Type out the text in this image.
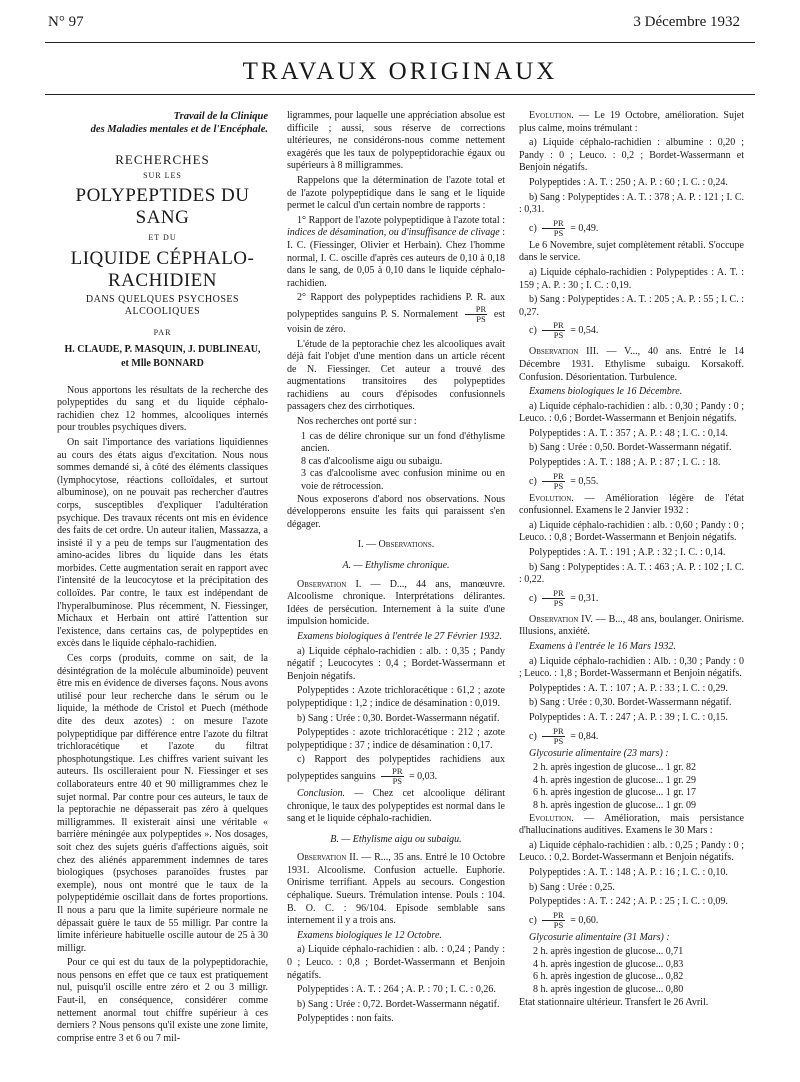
N° 97	3 Décembre 1932
TRAVAUX ORIGINAUX
Travail de la Clinique
des Maladies mentales et de l'Encéphale.
RECHERCHES
SUR LES
POLYPEPTIDES DU SANG
ET DU
LIQUIDE CÉPHALO-RACHIDIEN
DANS QUELQUES PSYCHOSES ALCOOLIQUES
PAR
H. CLAUDE, P. MASQUIN, J. DUBLINEAU,
et Mlle BONNARD

Nous apportons les résultats de la recherche des polypeptides du sang et du liquide céphalo-rachidien chez 12 hommes, alcooliques internés pour troubles psychiques divers.

On sait l'importance des variations liquidiennes au cours des états aigus d'excitation. Nous nous sommes demandé si, à côté des éléments classiques (lymphocytose, réactions colloïdales, et surtout albuminose), on ne pouvait pas rechercher d'autres corps, susceptibles d'expliquer l'adultération psychique. Des travaux récents ont mis en évidence des faits de cet ordre. Un auteur italien, Massazza, a insisté il y a peu de temps sur l'augmentation des amino-acides libres du liquide dans les états morbides. Cette augmentation serait en rapport avec l'intensité de la leucocytose et la précipitation des colloïdes. Par contre, le taux est indépendant de l'hyperalbuminose. Plus récemment, N. Fiessinger, Michaux et Herbain ont attiré l'attention sur l'existence, dans certains cas, de polypeptides en excès dans le liquide céphalo-rachidien.

Ces corps (produits, comme on sait, de la désintégration de la molécule albuminoïde) peuvent être mis en évidence de diverses façons. Nous avons utilisé pour leur recherche dans le sérum ou le liquide, la méthode de Cristol et Puech (méthode dite des deux azotes) : on mesure l'azote polypeptidique par différence entre l'azote du filtrat trichloracétique et l'azote du filtrat phosphotungstique. Les chiffres varient suivant les auteurs. Ils oscilleraient pour N. Fiessinger et ses collaborateurs entre 40 et 90 milligrammes chez le sujet normal. Par contre pour ces auteurs, le taux de la peptorachie ne dépasserait pas zéro à quelques milligrammes. Il existerait ainsi une véritable « barrière méningée aux polypeptides ». Nos dosages, soit chez des sujets guéris d'affections aiguës, soit chez des aliénés apparemment indemnes de tares biologiques (psychoses paranoïdes frustes par exemple), nous ont montré que le taux de la polypeptidémie oscillait dans de fortes proportions. Il nous a paru que la limite supérieure normale ne dépassait guère le taux de 55 milligr. Par contre la limite inférieure habituelle oscille autour de 25 à 30 milligr.

Pour ce qui est du taux de la polypeptidorachie, nous pensons en effet que ce taux est pratiquement nul, puisqu'il oscille entre zéro et 2 ou 3 milligr. Faut-il, en conséquence, considérer comme nettement anormal tout chiffre supérieur à ces derniers ? Nous pensons qu'il existe une zone limite, comprise entre 3 et 6 ou 7 mil-

ligrammes, pour laquelle une appréciation absolue est difficile ; aussi, sous réserve de corrections ultérieures, ne considérons-nous comme nettement exagérés que les taux de polypeptidorachie égaux ou supérieurs à 8 milligrammes.

Rappelons que la détermination de l'azote total et de l'azote polypeptidique dans le sang et le liquide permet le calcul d'un certain nombre de rapports :

1° Rapport de l'azote polypeptidique à l'azote total : indices de désamination, ou d'insuffisance de clivage : I. C. (Fiessinger, Olivier et Herbain). Chez l'homme normal, I. C. oscille d'après ces auteurs de 0,10 à 0,18 dans le sang, de 0,05 à 0,10 dans le liquide céphalo-rachidien.

2° Rapport des polypeptides rachidiens P. R. aux polypeptides sanguins P. S. Normalement $\frac{PR}{PS}$ est voisin de zéro.

L'étude de la peptorachie chez les alcooliques avait déjà fait l'objet d'une mention dans un article récent de N. Fiessinger. Cet auteur a trouvé des augmentations transitoires des polypeptides rachidiens au cours d'épisodes confusionnels passagers chez des cirrhotiques.

Nos recherches ont porté sur :

1 cas de délire chronique sur un fond d'éthylisme ancien.

8 cas d'alcoolisme aigu ou subaigu.

3 cas d'alcoolisme avec confusion minime ou en voie de rétrocession.

Nous exposerons d'abord nos observations. Nous développerons ensuite les faits qui paraissent s'en dégager.

I. — Observations.
A. — Ethylisme chronique.

Observation I. — D..., 44 ans, manœuvre. Alcoolisme chronique. Interprétations délirantes. Idées de persécution. Internement à la suite d'une impulsion homicide.

Examens biologiques à l'entrée le 27 Février 1932.

a) Liquide céphalo-rachidien : alb. : 0,35 ; Pandy négatif ; Leucocytes : 0,4 ; Bordet-Wassermann et Benjoin négatifs.

Polypeptides : Azote trichloracétique : 61,2 ; azote polypeptidique : 1,2 ; indice de désamination : 0,019.

b) Sang : Urée : 0,30. Bordet-Wassermann négatif.

Polypeptides : azote trichloracétique : 212 ; azote polypeptidique : 37 ; indice de désamination : 0,17.

c) Rapport des polypeptides rachidiens aux polypeptides sanguins $\frac{PR}{PS} = 0,03$.

Conclusion. — Chez cet alcoolique délirant chronique, le taux des polypeptides est normal dans le sang et le liquide céphalo-rachidien.

B. — Ethylisme aigu ou subaigu.

Observation II. — R..., 35 ans. Entré le 10 Octobre 1931. Alcoolisme. Confusion actuelle. Euphorie. Onirisme terrifiant. Appels au secours. Congestion céphalique. Sueurs. Trémulation intense. Pouls : 104. B. O. C. : 96/104. Episode semblable sans internement il y a trois ans.

Examens biologiques le 12 Octobre.

a) Liquide céphalo-rachidien : alb. : 0,24 ; Pandy : 0 ; Leuco. : 0,8 ; Bordet-Wassermann et Benjoin négatifs.

Polypeptides : A. T. : 264 ; A. P. : 70 ; I. C. : 0,26.

b) Sang : Urée : 0,72. Bordet-Wassermann négatif.

Polypeptides : non faits.

Evolution. — Le 19 Octobre, amélioration. Sujet plus calme, moins trémulant :

a) Liquide céphalo-rachidien : albumine : 0,20 ; Pandy : 0 ; Leuco. : 0,2 ; Bordet-Wassermann et Benjoin négatifs.

Polypeptides : A. T. : 250 ; A. P. : 60 ; I. C. : 0,24.

b) Sang : Polypeptides : A. T. : 378 ; A. P. : 121 ; I. C. : 0,31.

$c) \frac{PR}{PS} = 0,49$.

Le 6 Novembre, sujet complètement rétabli. S'occupe dans le service.

a) Liquide céphalo-rachidien : Polypeptides : A. T. : 159 ; A. P. : 30 ; I. C. : 0,19.

b) Sang : Polypeptides : A. T. : 205 ; A. P. : 55 ; I. C. : 0,27.

$c) \frac{PR}{PS} = 0,54$.

Observation III. — V..., 40 ans. Entré le 14 Décembre 1931. Ethylisme subaigu. Korsakoff. Confusion. Désorientation. Turbulence.

Examens biologiques le 16 Décembre.

a) Liquide céphalo-rachidien : alb. : 0,30 ; Pandy : 0 ; Leuco. : 0,6 ; Bordet-Wassermann et Benjoin négatifs.

Polypeptides : A. T. : 357 ; A. P. : 48 ; I. C. : 0,14.

b) Sang : Urée : 0,50. Bordet-Wassermann négatif.

Polypeptides : A. T. : 188 ; A. P. : 87 ; I. C. : 18.

$c) \frac{PR}{PS} = 0,55$.

Evolution. — Amélioration légère de l'état confusionnel. Examens le 2 Janvier 1932 :

a) Liquide céphalo-rachidien : alb. : 0,60 ; Pandy : 0 ; Leuco. : 0,8 ; Bordet-Wassermann et Benjoin négatifs.

Polypeptides : A. T. : 191 ; A.P. : 32 ; I. C. : 0,14.

b) Sang : Polypeptides : A. T. : 463 ; A. P. : 102 ; I. C. : 0,22.

$c) \frac{PR}{PS} = 0,31$.

Observation IV. — B..., 48 ans, boulanger. Onirisme. Illusions, anxiété.

Examens à l'entrée le 16 Mars 1932.

a) Liquide céphalo-rachidien : Alb. : 0,30 ; Pandy : 0 ; Leuco. : 1,8 ; Bordet-Wassermann et Benjoin négatifs.

Polypeptides : A. T. : 107 ; A. P. : 33 ; I. C. : 0,29.

b) Sang : Urée : 0,30. Bordet-Wassermann négatif.

Polypeptides : A. T. : 247 ; A. P. : 39 ; I. C. : 0,15.

$c) \frac{PR}{PS} = 0,84$.

Glycosurie alimentaire (23 mars) :

2 h. après ingestion de glucose... 1 gr. 82

4 h. après ingestion de glucose... 1 gr. 29

6 h. après ingestion de glucose... 1 gr. 17

8 h. après ingestion de glucose... 1 gr. 09

Evolution. — Amélioration, mais persistance d'hallucinations auditives. Examens le 30 Mars :

a) Liquide céphalo-rachidien : alb. : 0,25 ; Pandy : 0 ; Leuco. : 0,2. Bordet-Wassermann et Benjoin négatifs.

Polypeptides : A. T. : 148 ; A. P. : 16 ; I. C. : 0,10.

b) Sang : Urée : 0,25.

Polypeptides : A. T. : 242 ; A. P. : 25 ; I. C. : 0,09.

$c) \frac{PR}{PS} = 0,60$.

Glycosurie alimentaire (31 Mars) :

2 h. après ingestion de glucose... 0,71

4 h. après ingestion de glucose... 0,83

6 h. après ingestion de glucose... 0,82

8 h. après ingestion de glucose... 0,80

Etat stationnaire ultérieur. Transfert le 26 Avril.
